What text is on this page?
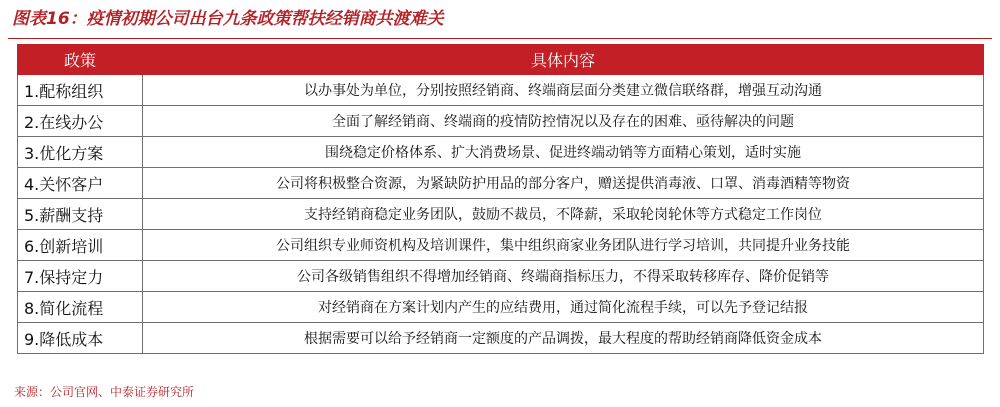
图表16：疫情初期公司出台九条政策帮扶经销商共渡难关
政策	具体内容
1.配称组织	以办事处为单位，分别按照经销商、终端商层面分类建立微信联络群，增强互动沟通
2.在线办公	全面了解经销商、终端商的疫情防控情况以及存在的困难、亟待解决的问题
3.优化方案	围绕稳定价格体系、扩大消费场景、促进终端动销等方面精心策划，适时实施
4.关怀客户	公司将积极整合资源，为紧缺防护用品的部分客户，赠送提供消毒液、口罩、消毒酒精等物资
5.薪酬支持	支持经销商稳定业务团队，鼓励不裁员，不降薪，采取轮岗轮休等方式稳定工作岗位
6.创新培训	公司组织专业师资机构及培训课件，集中组织商家业务团队进行学习培训，共同提升业务技能
7.保持定力	公司各级销售组织不得增加经销商、终端商指标压力，不得采取转移库存、降价促销等
8.简化流程	对经销商在方案计划内产生的应结费用，通过简化流程手续，可以先予登记结报
9.降低成本	根据需要可以给予经销商一定额度的产品调拨，最大程度的帮助经销商降低资金成本
来源：公司官网、中泰证券研究所
